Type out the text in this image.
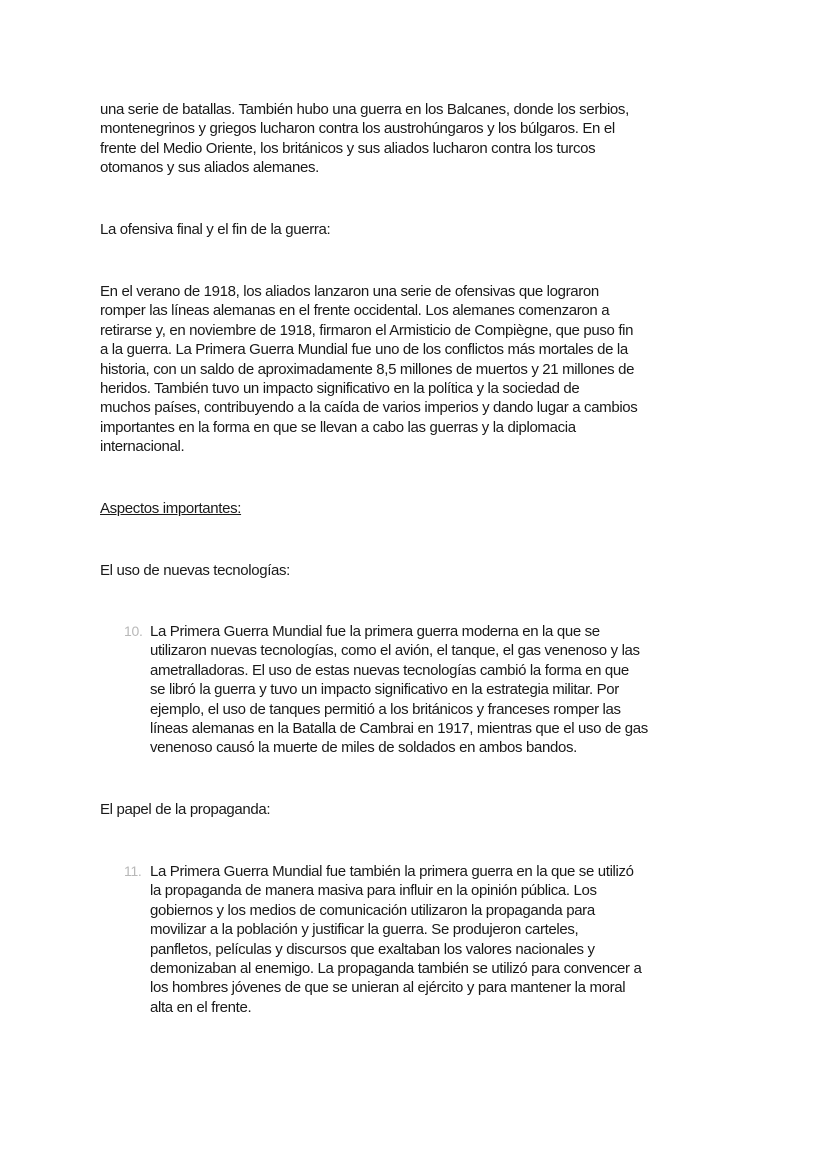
una serie de batallas. También hubo una guerra en los Balcanes, donde los serbios,
montenegrinos y griegos lucharon contra los austrohúngaros y los búlgaros. En el
frente del Medio Oriente, los británicos y sus aliados lucharon contra los turcos
otomanos y sus aliados alemanes.
La ofensiva final y el fin de la guerra:
En el verano de 1918, los aliados lanzaron una serie de ofensivas que lograron
romper las líneas alemanas en el frente occidental. Los alemanes comenzaron a
retirarse y, en noviembre de 1918, firmaron el Armisticio de Compiègne, que puso fin
a la guerra. La Primera Guerra Mundial fue uno de los conflictos más mortales de la
historia, con un saldo de aproximadamente 8,5 millones de muertos y 21 millones de
heridos. También tuvo un impacto significativo en la política y la sociedad de
muchos países, contribuyendo a la caída de varios imperios y dando lugar a cambios
importantes en la forma en que se llevan a cabo las guerras y la diplomacia
internacional.
Aspectos importantes:
El uso de nuevas tecnologías:
10. La Primera Guerra Mundial fue la primera guerra moderna en la que se
utilizaron nuevas tecnologías, como el avión, el tanque, el gas venenoso y las
ametralladoras. El uso de estas nuevas tecnologías cambió la forma en que
se libró la guerra y tuvo un impacto significativo en la estrategia militar. Por
ejemplo, el uso de tanques permitió a los británicos y franceses romper las
líneas alemanas en la Batalla de Cambrai en 1917, mientras que el uso de gas
venenoso causó la muerte de miles de soldados en ambos bandos.
El papel de la propaganda:
11. La Primera Guerra Mundial fue también la primera guerra en la que se utilizó
la propaganda de manera masiva para influir en la opinión pública. Los
gobiernos y los medios de comunicación utilizaron la propaganda para
movilizar a la población y justificar la guerra. Se produjeron carteles,
panfletos, películas y discursos que exaltaban los valores nacionales y
demonizaban al enemigo. La propaganda también se utilizó para convencer a
los hombres jóvenes de que se unieran al ejército y para mantener la moral
alta en el frente.
